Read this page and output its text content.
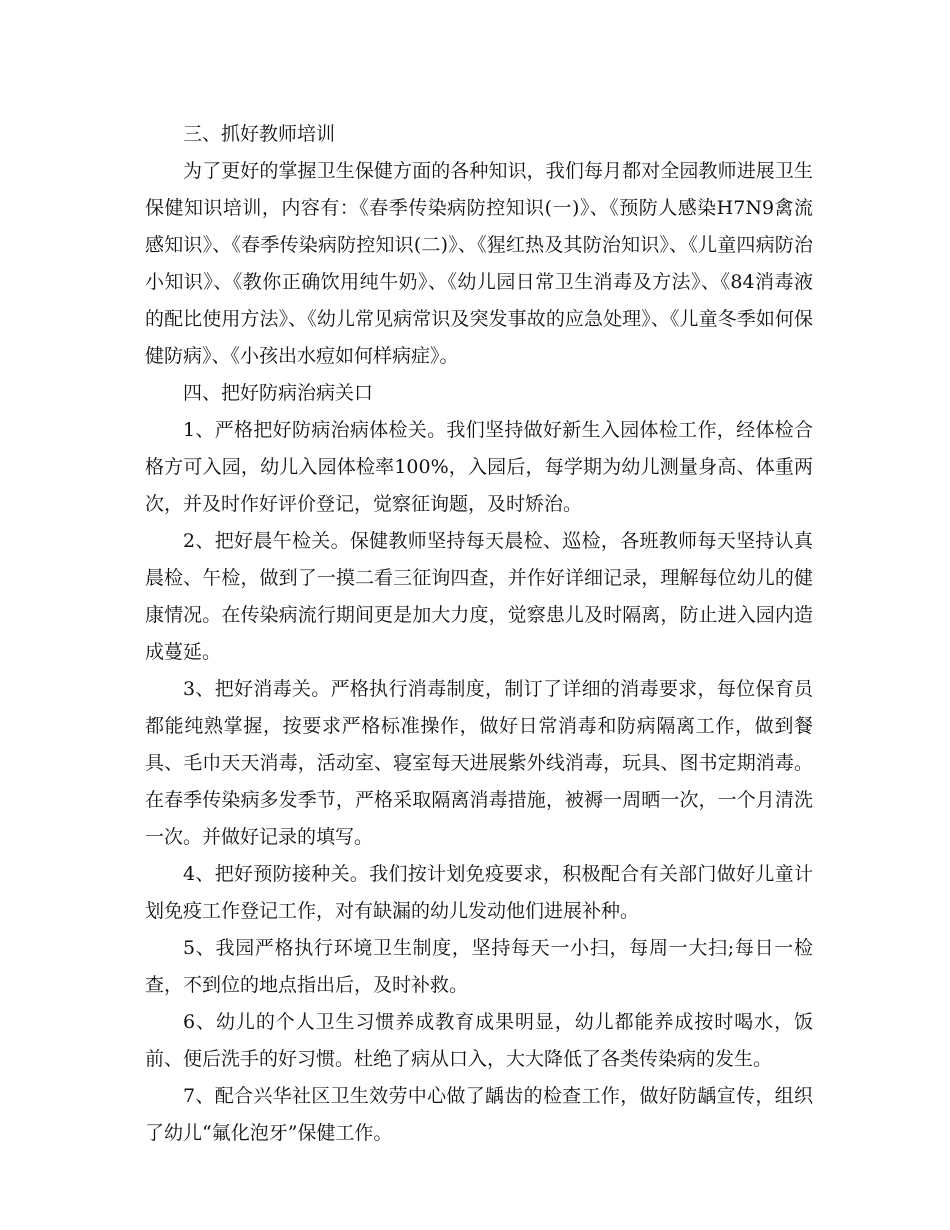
三、抓好教师培训

为了更好的掌握卫生保健方面的各种知识，我们每月都对全园教师进展卫生保健知识培训，内容有：《春季传染病防控知识(一)》、《预防人感染H7N9禽流感知识》、《春季传染病防控知识(二)》、《猩红热及其防治知识》、《儿童四病防治小知识》、《教你正确饮用纯牛奶》、《幼儿园日常卫生消毒及方法》、《84消毒液的配比使用方法》、《幼儿常见病常识及突发事故的应急处理》、《儿童冬季如何保健防病》、《小孩出水痘如何样病症》。

四、把好防病治病关口

1、严格把好防病治病体检关。我们坚持做好新生入园体检工作，经体检合格方可入园，幼儿入园体检率100%，入园后，每学期为幼儿测量身高、体重两次，并及时作好评价登记，觉察征询题，及时矫治。

2、把好晨午检关。保健教师坚持每天晨检、巡检，各班教师每天坚持认真晨检、午检，做到了一摸二看三征询四查，并作好详细记录，理解每位幼儿的健康情况。在传染病流行期间更是加大力度，觉察患儿及时隔离，防止进入园内造成蔓延。

3、把好消毒关。严格执行消毒制度，制订了详细的消毒要求，每位保育员都能纯熟掌握，按要求严格标准操作，做好日常消毒和防病隔离工作，做到餐具、毛巾天天消毒，活动室、寝室每天进展紫外线消毒，玩具、图书定期消毒。在春季传染病多发季节，严格采取隔离消毒措施，被褥一周晒一次，一个月清洗一次。并做好记录的填写。

4、把好预防接种关。我们按计划免疫要求，积极配合有关部门做好儿童计划免疫工作登记工作，对有缺漏的幼儿发动他们进展补种。

5、我园严格执行环境卫生制度，坚持每天一小扫，每周一大扫;每日一检查，不到位的地点指出后，及时补救。

6、幼儿的个人卫生习惯养成教育成果明显，幼儿都能养成按时喝水，饭前、便后洗手的好习惯。杜绝了病从口入，大大降低了各类传染病的发生。

7、配合兴华社区卫生效劳中心做了龋齿的检查工作，做好防龋宣传，组织了幼儿“氟化泡牙”保健工作。
